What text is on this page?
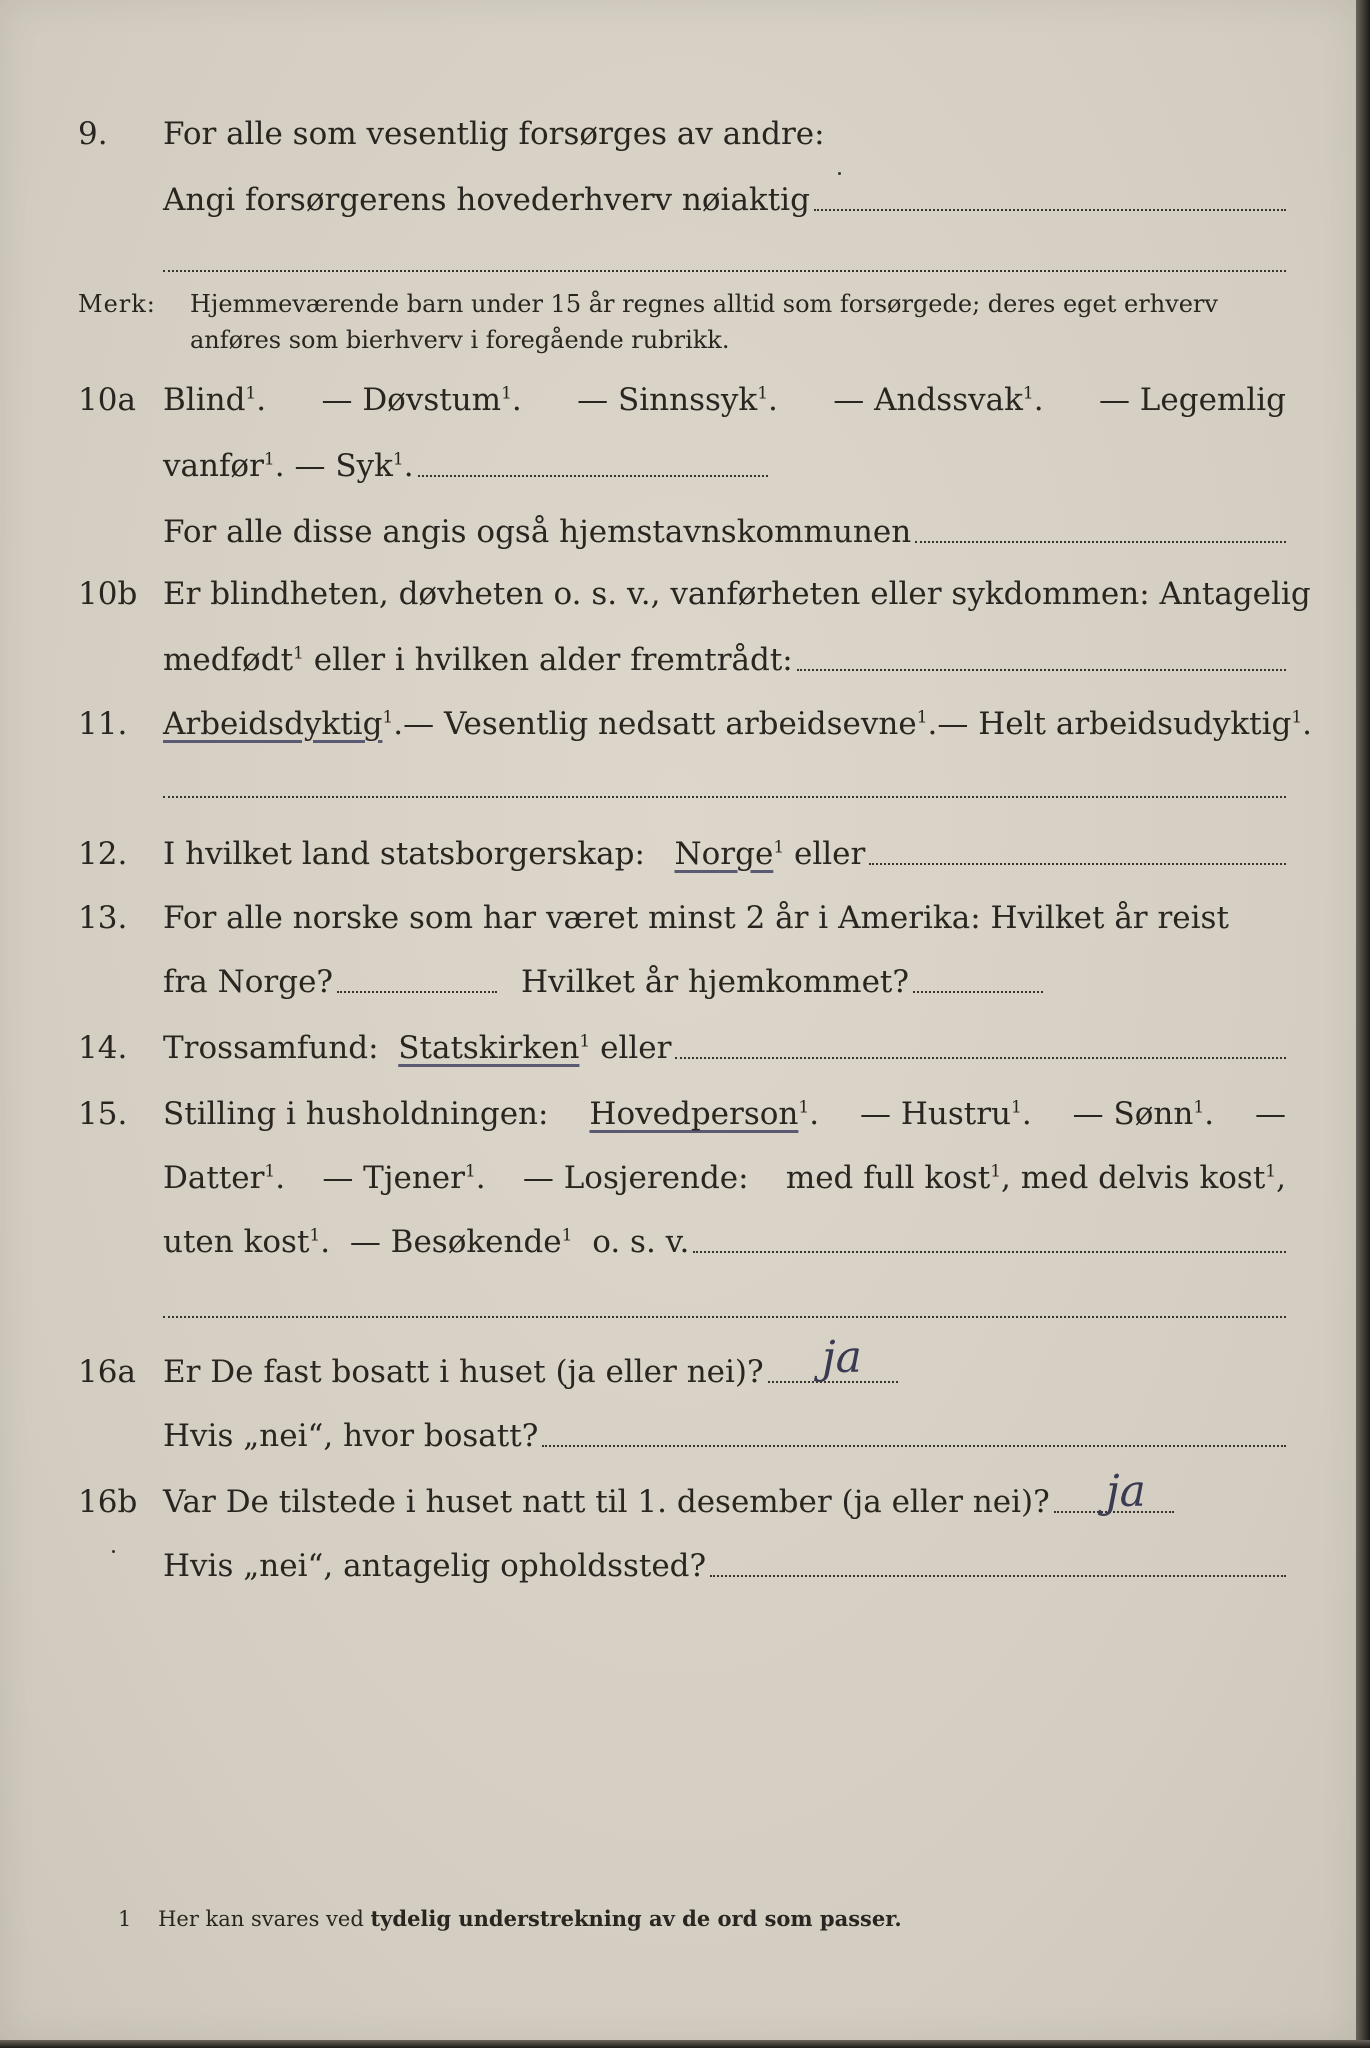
9.	For alle som vesentlig forsørges av andre:
Angi forsørgerens hovederhverv nøiaktig
Merk: Hjemmeværende barn under 15 år regnes alltid som forsørgede; deres eget erhverv anføres som bierhverv i foregående rubrikk.
10a Blind$^1$. — Døvstum$^1$. — Sinnssyk$^1$. — Andssvak$^1$. — Legemlig
vanfør$^1$.
— Syk$^1$.
For alle disse angis også hjemstavnskommunen
10b Er blindheten, døvheten o. s. v., vanførheten eller sykdommen: Antagelig
medfødt$^1$
eller i hvilken alder fremtrådt:
11.	Arbeidsdyktig$^1$. — Vesentlig nedsatt arbeidsevne$^1$. — Helt arbeidsudyktig$^1$.
12.	I hvilket land statsborgerskap:
Norge$^1$
eller
13.	For alle norske som har været minst 2 år i Amerika: Hvilket år reist
fra Norge?	Hvilket år hjemkommet?
14.	Trossamfund:
Statskirken$^1$
eller
15.	Stilling i husholdningen: Hovedperson$^1$. — Hustru$^1$. — Sønn$^1$. —
Datter$^1$. — Tjener$^1$. — Losjerende: med full kost$^1$, med delvis kost$^1$,
uten kost$^1$.
— Besøkende$^1$
o. s. v.
16a Er De fast bosatt i huset (ja eller nei)? ja
Hvis „nei“, hvor bosatt?
16b Var De tilstede i huset natt til 1. desember (ja eller nei)? ja
Hvis „nei“, antagelig opholdssted?
1 Her kan svares ved tydelig understrekning av de ord som passer.
